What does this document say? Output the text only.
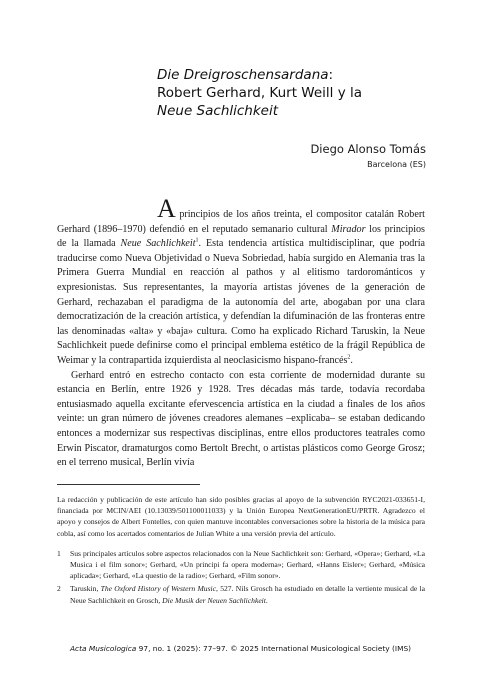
Die Dreigroschensardana:
Robert Gerhard, Kurt Weill y la
Neue Sachlichkeit
Diego Alonso Tomás
Barcelona (ES)

A principios de los años treinta, el compositor catalán Robert Gerhard (1896–1970) defendió en el reputado semanario cultural Mirador los principios de la llamada Neue Sachlichkeit$^1$. Esta tendencia artística multidisciplinar, que podría traducirse como Nueva Objetividad o Nueva Sobriedad, había surgido en Alemania tras la Primera Guerra Mundial en reacción al pathos y al elitismo tardorománticos y expresionistas. Sus representantes, la mayoría artistas jóvenes de la generación de Gerhard, rechazaban el paradigma de la autonomía del arte, abogaban por una clara democratización de la creación artística, y defendían la difuminación de las fronteras entre las denominadas «alta» y «baja» cultura. Como ha explicado Richard Taruskin, la Neue Sachlichkeit puede definirse como el principal emblema estético de la frágil República de Weimar y la contrapartida izquierdista al neoclasicismo hispano-francés$^2$.

Gerhard entró en estrecho contacto con esta corriente de modernidad durante su estancia en Berlín, entre 1926 y 1928. Tres décadas más tarde, todavía recordaba entusiasmado aquella excitante efervescencia artística en la ciudad a finales de los años veinte: un gran número de jóvenes creadores alemanes –explicaba– se estaban dedicando entonces a modernizar sus respectivas disciplinas, entre ellos productores teatrales como Erwin Piscator, dramaturgos como Bertolt Brecht, o artistas plásticos como George Grosz; en el terreno musical, Berlín vivía

La redacción y publicación de este artículo han sido posibles gracias al apoyo de la subvención RYC2021-033651-I, financiada por MCIN/AEI (10.13039/501100011033) y la Unión Europea NextGenerationEU/PRTR. Agradezco el apoyo y consejos de Albert Fontelles, con quien mantuve incontables conversaciones sobre la historia de la música para cobla, así como los acertados comentarios de Julian White a una versión previa del artículo.

1	Sus principales artículos sobre aspectos relacionados con la Neue Sachlichkeit son: Gerhard, «Opera»; Gerhard, «La Musica i el film sonor»; Gerhard, «Un principi fa opera moderna»; Gerhard, «Hanns Eisler»; Gerhard, «Música aplicada»; Gerhard, «La questio de la radio»; Gerhard, «Film sonor».
2	Taruskin, The Oxford History of Western Music, 527. Nils Grosch ha estudiado en detalle la vertiente musical de la Neue Sachlichkeit en Grosch, Die Musik der Neuen Sachlichkeit.
Acta Musicologica 97, no. 1 (2025): 77–97. © 2025 International Musicological Society (IMS)
